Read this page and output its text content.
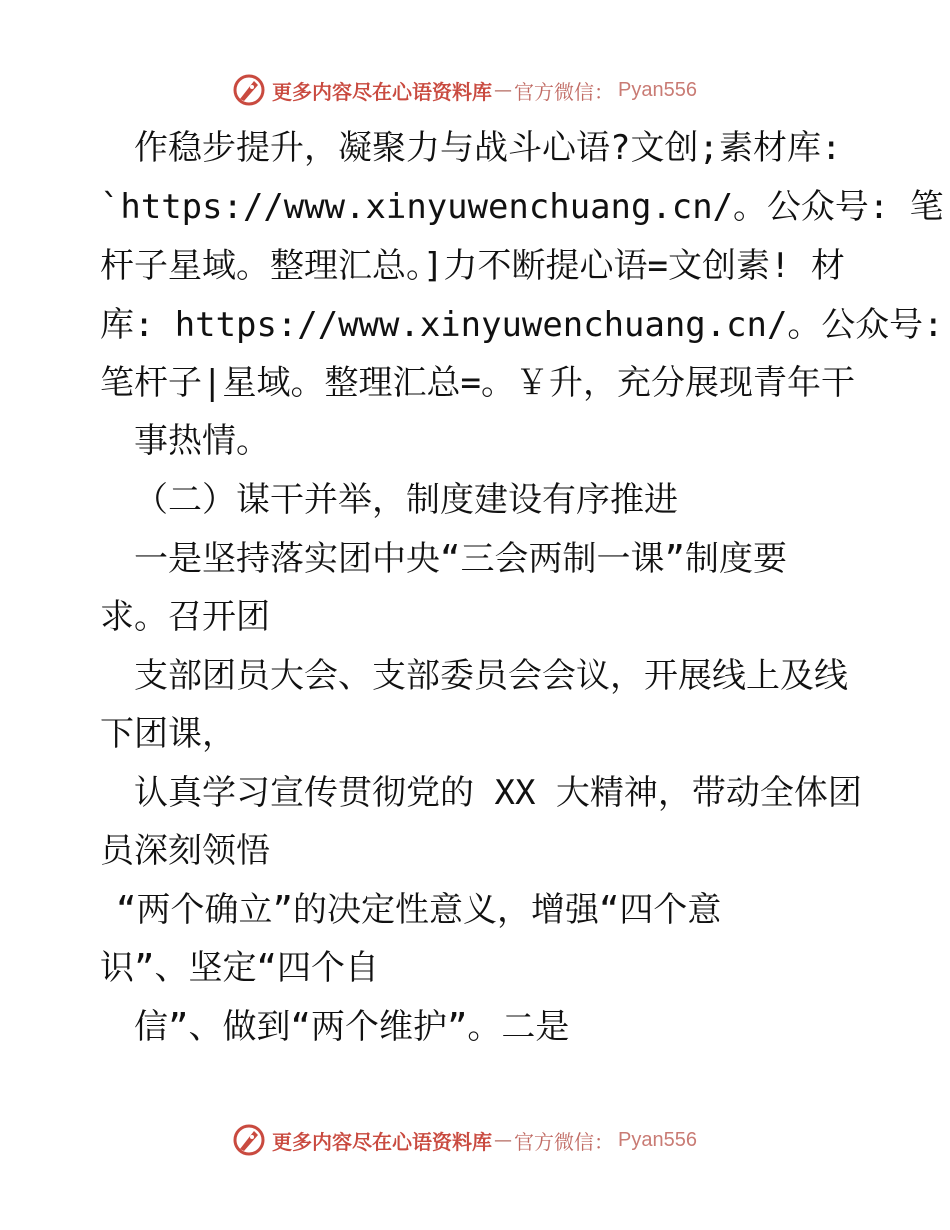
更多内容尽在心语资料库 — 官方微信： Pyan556
作稳步提升，凝聚力与战斗心语?文创;素材库:
`https://www.xinyuwenchuang.cn/。公众号: 笔
杆子星域。整理汇总。]力不断提心语=文创素! 材
库: https://www.xinyuwenchuang.cn/。公众号:
笔杆子|星域。整理汇总=。￥升，充分展现青年干
事热情。
（二）谋干并举，制度建设有序推进
一是坚持落实团中央“三会两制一课”制度要
求。召开团
支部团员大会、支部委员会会议，开展线上及线
下团课，
认真学习宣传贯彻党的 XX 大精神，带动全体团
员深刻领悟
“两个确立”的决定性意义，增强“四个意
识”、坚定“四个自
信”、做到“两个维护”。二是
更多内容尽在心语资料库 — 官方微信： Pyan556
